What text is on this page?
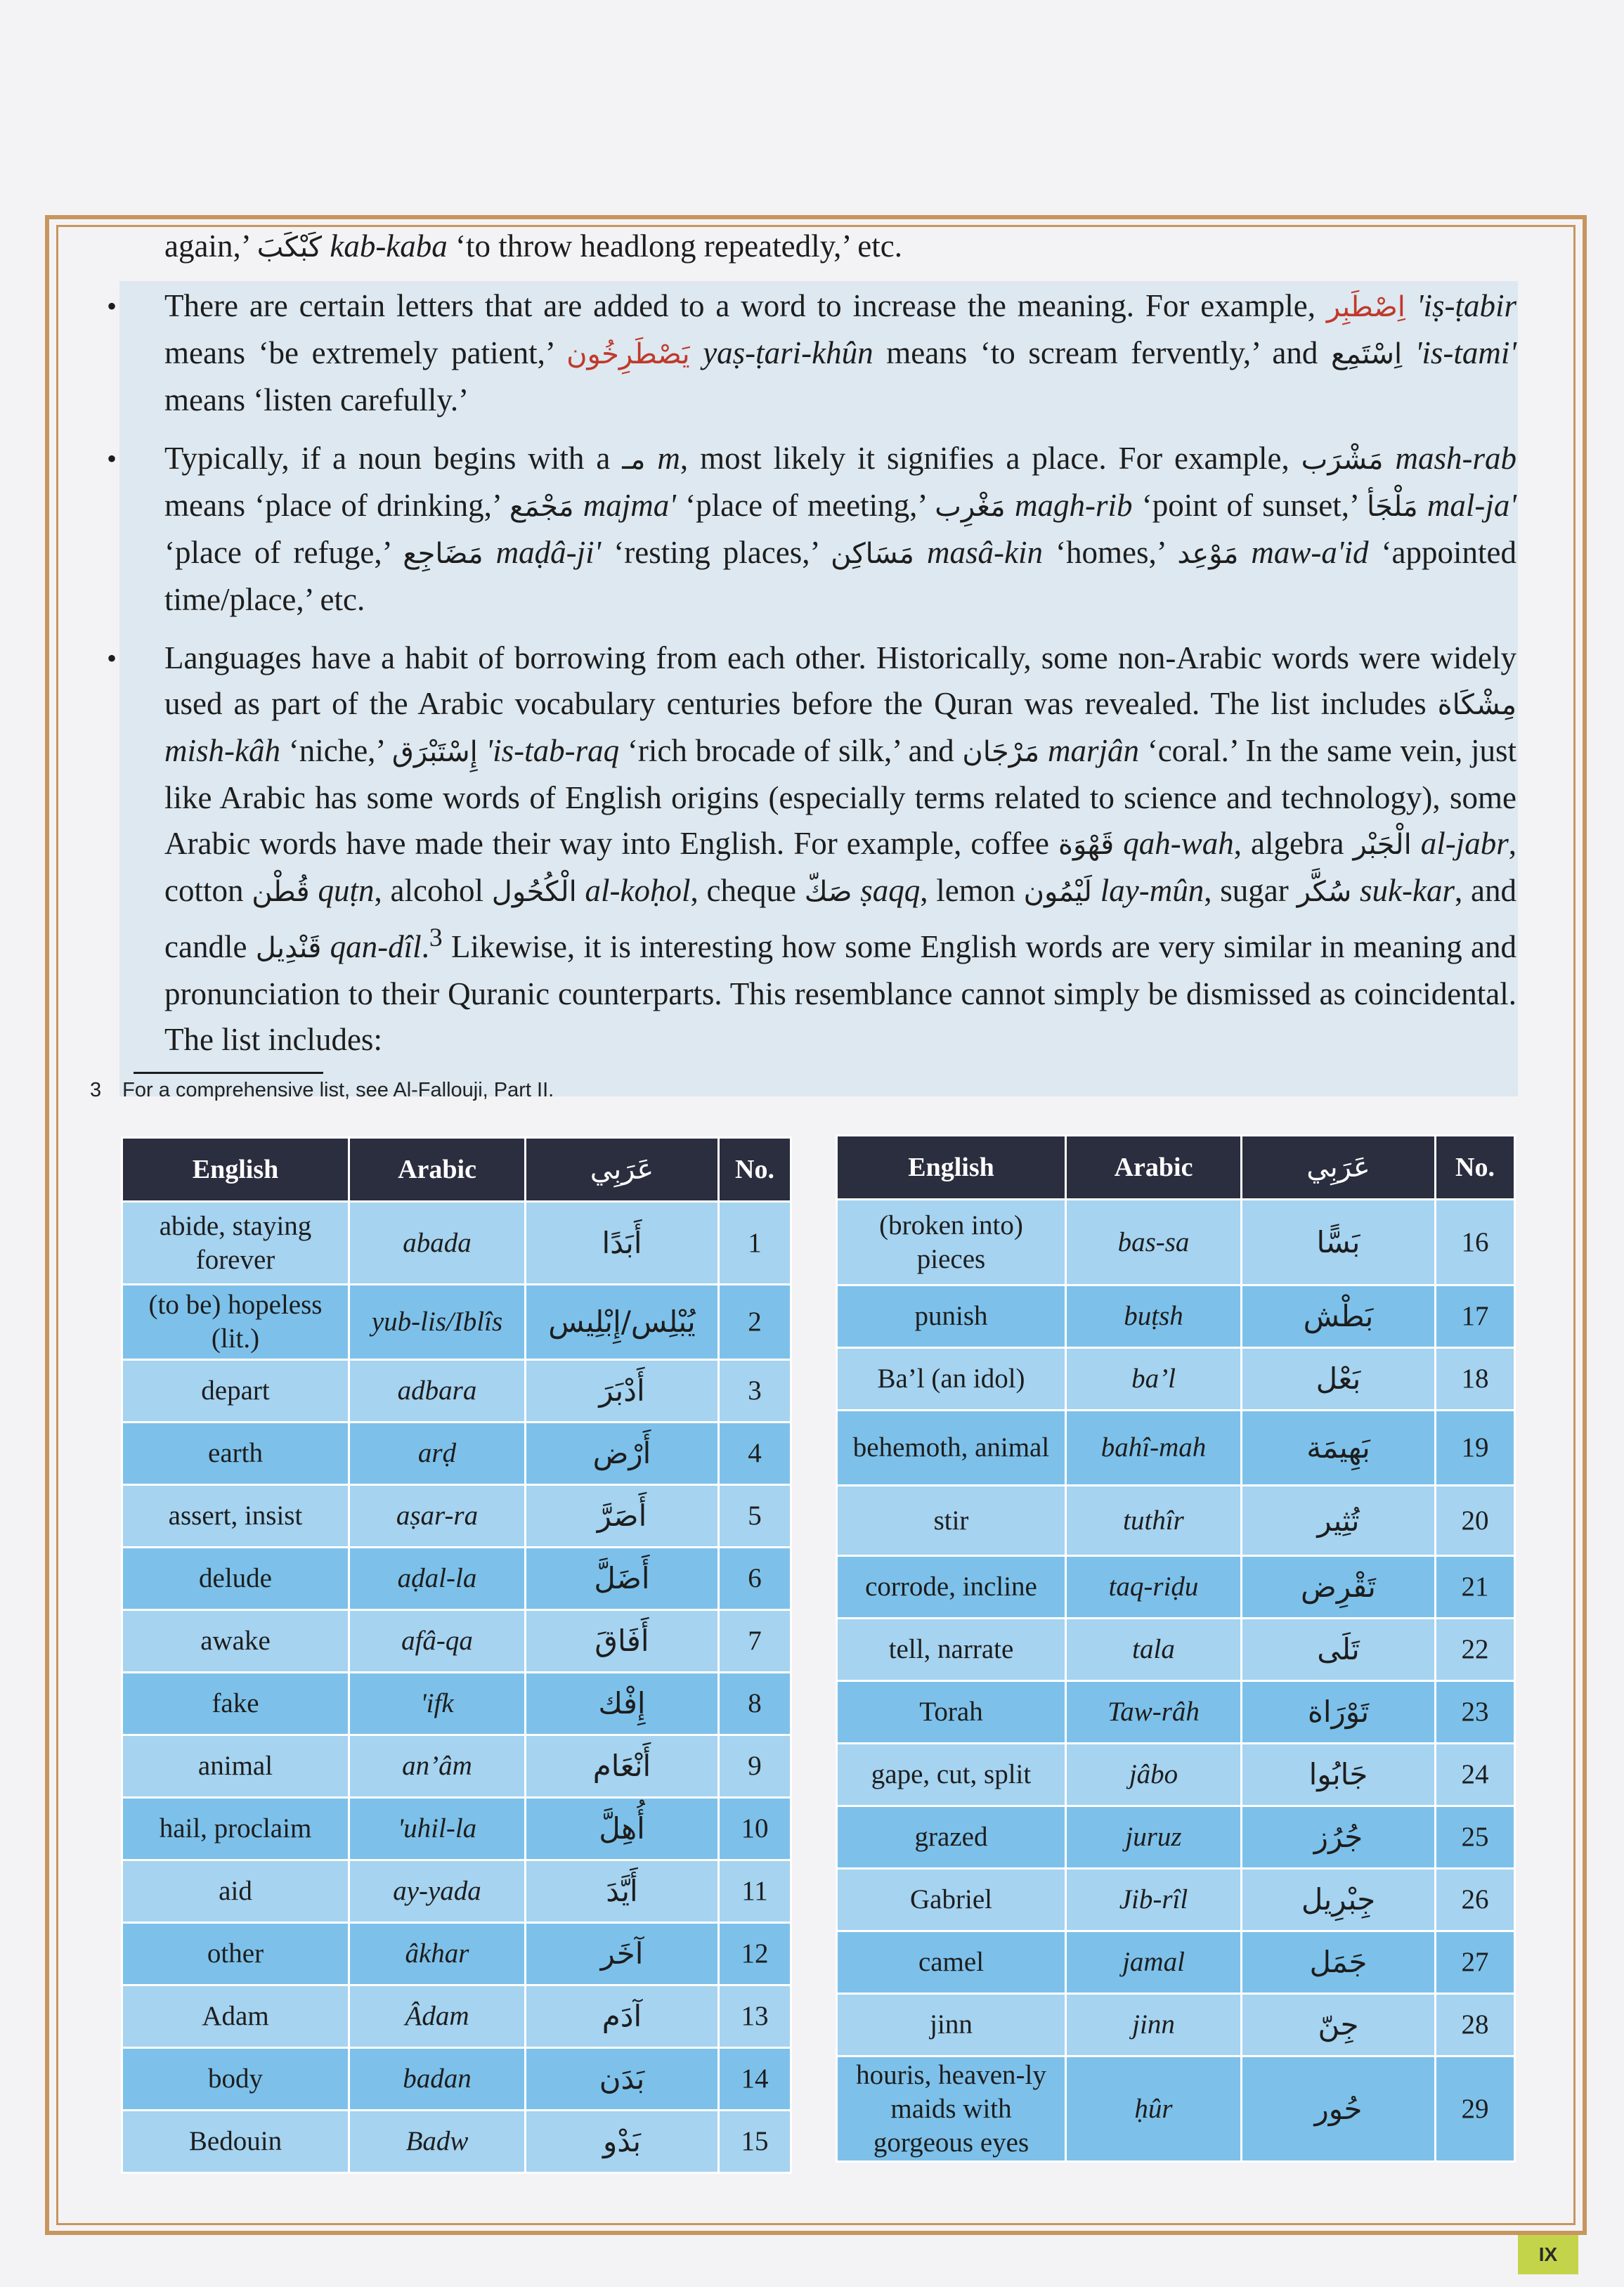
again,’ كَبْكَبَ kab-kaba ‘to throw headlong repeatedly,’ etc.

• There are certain letters that are added to a word to increase the meaning. For example, اِصْطَبِر 'iṣ-ṭabir means ‘be extremely patient,’ يَصْطَرِخُون yaṣ-ṭari-khûn means ‘to scream fervently,’ and اِسْتَمِع 'is-tami' means ‘listen carefully.’

• Typically, if a noun begins with a مـ m, most likely it signifies a place. For example, مَشْرَب mash-rab means ‘place of drinking,’ مَجْمَع majma' ‘place of meeting,’ مَغْرِب magh-rib ‘point of sunset,’ مَلْجَأ mal-ja' ‘place of refuge,’ مَضَاجِع maḍâ-ji' ‘resting places,’ مَسَاكِن masâ-kin ‘homes,’ مَوْعِد maw-a'id ‘appointed time/place,’ etc.

• Languages have a habit of borrowing from each other. Historically, some non-Arabic words were widely used as part of the Arabic vocabulary centuries before the Quran was revealed. The list includes مِشْكَاة mish-kâh ‘niche,’ إِسْتَبْرَق 'is-tab-raq ‘rich brocade of silk,’ and مَرْجَان marjân ‘coral.’ In the same vein, just like Arabic has some words of English origins (especially terms related to science and technology), some Arabic words have made their way into English. For example, coffee قَهْوَة qah-wah, algebra الْجَبْر al-jabr, cotton قُطْن quṭn, alcohol الْكُحُول al-koḥol, cheque صَكّ ṣaqq, lemon لَيْمُون lay-mûn, sugar سُكَّر suk-kar, and candle قَنْدِيل qan-dîl.$^3$ Likewise, it is interesting how some English words are very similar in meaning and pronunciation to their Quranic counterparts. This resemblance cannot simply be dismissed as coincidental. The list includes:

3 For a comprehensive list, see Al-Fallouji, Part II.
English	Arabic	عَرَبِي	No.
abide, staying forever	abada	أَبَدًا	1
(to be) hopeless (lit.)	yub-lis/Iblîs	يُبْلِس/إِبْلِيس	2
depart	adbara	أَدْبَرَ	3
earth	arḍ	أَرْض	4
assert, insist	aṣar-ra	أَصَرَّ	5
delude	aḍal-la	أَضَلَّ	6
awake	afâ-qa	أَفَاقَ	7
fake	'ifk	إِفْك	8
animal	an’âm	أَنْعَام	9
hail, proclaim	'uhil-la	أُهِلَّ	10
aid	ay-yada	أَيَّدَ	11
other	âkhar	آخَر	12
Adam	Âdam	آدَم	13
body	badan	بَدَن	14
Bedouin	Badw	بَدْو	15
English	Arabic	عَرَبِي	No.
(broken into) pieces	bas-sa	بَسًّا	16
punish	buṭsh	بَطْش	17
Ba’l (an idol)	ba’l	بَعْل	18
behemoth, animal	bahî-mah	بَهِيمَة	19
stir	tuthîr	تُثِير	20
corrode, incline	taq-riḍu	تَقْرِض	21
tell, narrate	tala	تَلَى	22
Torah	Taw-râh	تَوْرَاة	23
gape, cut, split	jâbo	جَابُوا	24
grazed	juruz	جُرُز	25
Gabriel	Jib-rîl	جِبْرِيل	26
camel	jamal	جَمَل	27
jinn	jinn	جِنّ	28
houris, heaven-ly maids with gorgeous eyes	ḥûr	حُور	29
IX
